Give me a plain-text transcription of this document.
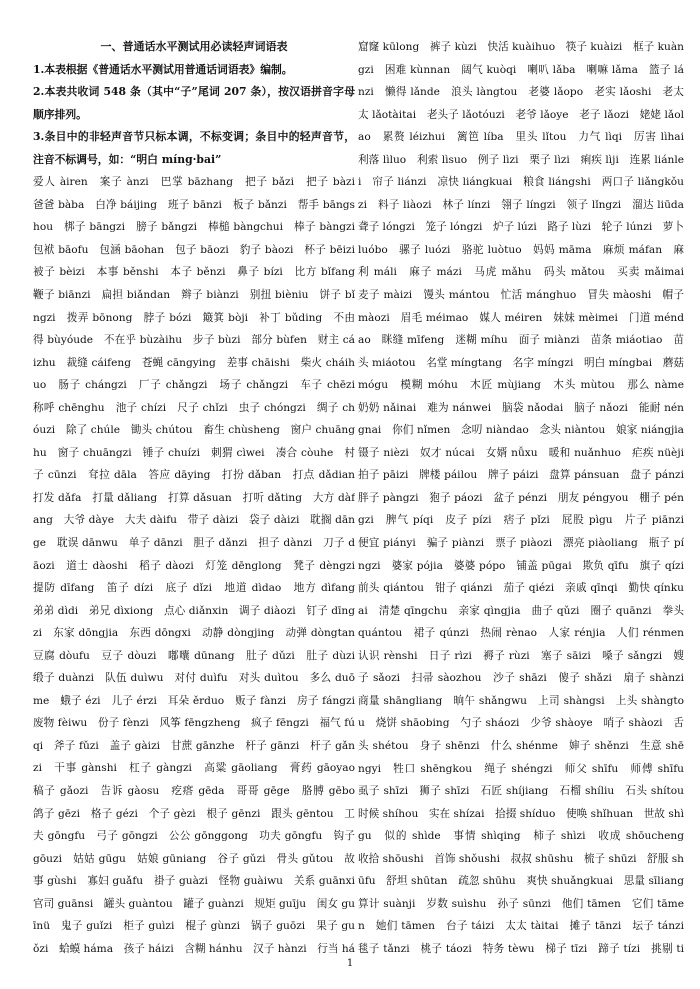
一、普通话水平测试用必读轻声词语表

1.本表根据《普通话水平测试用普通话词语表》编制。

2.本表共收词 548 条（其中“子”尾词 207 条），按汉语拼音字母顺序排列。

3.条目中的非轻声音节只标本调，不标变调；条目中的轻声音节，注音不标调号，如：“明白 míng·bai”

爱人 àiren　案子 ànzi　巴掌 bāzhang　把子 bǎzi　把子 bàzi　爸爸 bàba　白净 báijing　班子 bānzi　板子 bǎnzi　帮手 bāngshou　梆子 bāngzi　膀子 bǎngzi　棒槌 bàngchui　棒子 bàngzi　包袱 bāofu　包涵 bāohan　包子 bāozi　豹子 bàozi　杯子 bēizi　被子 bèizi　本事 běnshi　本子 běnzi　鼻子 bízi　比方 bǐfang　鞭子 biānzi　扁担 biǎndan　辫子 biànzi　别扭 bièniu　饼子 bǐngzi　拨弄 bōnong　脖子 bózi　簸箕 bòji　补丁 bǔding　不由得 bùyóude　不在乎 bùzàihu　步子 bùzi　部分 bùfen　财主 cáizhu　裁缝 cáifeng　苍蝇 cāngying　差事 chāishi　柴火 cháihuo　肠子 chángzi　厂子 chǎngzi　场子 chǎngzi　车子 chēzi　称呼 chēnghu　池子 chízi　尺子 chǐzi　虫子 chóngzi　绸子 chóuzi　除了 chúle　锄头 chútou　畜生 chùsheng　窗户 chuānghu　窗子 chuāngzi　锤子 chuízi　刺猬 cìwei　凑合 còuhe　村子 cūnzi　耷拉 dāla　答应 dāying　打扮 dǎban　打点 dǎdian　打发 dǎfa　打量 dǎliang　打算 dǎsuan　打听 dǎting　大方 dàfang　大爷 dàye　大夫 dàifu　带子 dàizi　袋子 dàizi　耽搁 dānge　耽误 dānwu　单子 dānzi　胆子 dǎnzi　担子 dànzi　刀子 dāozi　道士 dàoshi　稻子 dàozi　灯笼 dēnglong　凳子 dèngzi　提防 dīfang　笛子 dízi　底子 dǐzi　地道 dìdao　地方 dìfang　弟弟 dìdi　弟兄 dìxiong　点心 diǎnxin　调子 diàozi　钉子 dīngzi　东家 dōngjia　东西 dōngxi　动静 dòngjing　动弹 dòngtan　豆腐 dòufu　豆子 dòuzi　嘟囔 dūnang　肚子 dǔzi　肚子 dùzi　缎子 duànzi　队伍 duìwu　对付 duìfu　对头 duìtou　多么 duōme　蛾子 ézi　儿子 érzi　耳朵 ěrduo　贩子 fànzi　房子 fángzi　废物 fèiwu　份子 fènzi　风筝 fēngzheng　疯子 fēngzi　福气 fúqi　斧子 fǔzi　盖子 gàizi　甘蔗 gānzhe　杆子 gānzi　杆子 gǎnzi　干事 gànshi　杠子 gàngzi　高粱 gāoliang　膏药 gāoyao　稿子 gǎozi　告诉 gàosu　疙瘩 gēda　哥哥 gēge　胳膊 gēbo　鸽子 gēzi　格子 gézi　个子 gèzi　根子 gēnzi　跟头 gēntou　工夫 gōngfu　弓子 gōngzi　公公 gōnggong　功夫 gōngfu　钩子 gōuzi　姑姑 gūgu　姑娘 gūniang　谷子 gǔzi　骨头 gǔtou　故事 gùshi　寡妇 guǎfu　褂子 guàzi　怪物 guàiwu　关系 guānxi　官司 guānsi　罐头 guàntou　罐子 guànzi　规矩 guīju　闺女 guīnü　鬼子 guǐzi　柜子 guìzi　棍子 gùnzi　锅子 guōzi　果子 guǒzi　蛤蟆 háma　孩子 háizi　含糊 hánhu　汉子 hànzi　行当 há　 　 　 　 　 　 　 　 　 　 　 　 　 　 　 　 　 　 　 　 　 　 　 　 　 　 　 　 　 　 　 　 　 　 　 　 　 　 　 　 　 　 　 　 　 　 　 　 　 　 　 　 　 　 　
窟窿 kūlong　裤子 kùzi　快活 kuàihuo　筷子 kuàizi　框子 kuàngzi　困难 kùnnan　阔气 kuòqi　喇叭 lǎba　喇嘛 lǎma　篮子 lánzi　懒得 lǎnde　浪头 làngtou　老婆 lǎopo　老实 lǎoshi　老太太 lǎotàitai　老头子 lǎotóuzi　老爷 lǎoye　老子 lǎozi　姥姥 lǎolao　累赘 léizhui　篱笆 líba　里头 lǐtou　力气 lìqi　厉害 lìhai　利落 lìluo　利索 lìsuo　例子 lìzi　栗子 lìzi　痢疾 lìji　连累 liánlei　帘子 liánzi　凉快 liángkuai　粮食 liángshi　两口子 liǎngkǒuzi　料子 liàozi　林子 línzi　翎子 língzi　领子 lǐngzi　溜达 liūda　聋子 lóngzi　笼子 lóngzi　炉子 lúzi　路子 lùzi　轮子 lúnzi　萝卜 luóbo　骡子 luózi　骆驼 luòtuo　妈妈 māma　麻烦 máfan　麻利 máli　麻子 mázi　马虎 mǎhu　码头 mǎtou　买卖 mǎimai　麦子 màizi　馒头 mántou　忙活 mánghuo　冒失 màoshi　帽子 màozi　眉毛 méimao　媒人 méiren　妹妹 mèimei　门道 méndao　眯缝 mīfeng　迷糊 míhu　面子 miànzi　苗条 miáotiao　苗头 miáotou　名堂 míngtang　名字 míngzi　明白 míngbai　蘑菇 mógu　模糊 móhu　木匠 mùjiang　木头 mùtou　那么 nàme　奶奶 nǎinai　难为 nánwei　脑袋 nǎodai　脑子 nǎozi　能耐 néngnai　你们 nǐmen　念叨 niàndao　念头 niàntou　娘家 niángjia　镊子 nièzi　奴才 núcai　女婿 nǚxu　暖和 nuǎnhuo　疟疾 nüèji　拍子 pāizi　牌楼 páilou　牌子 páizi　盘算 pánsuan　盘子 pánzi　胖子 pàngzi　狍子 páozi　盆子 pénzi　朋友 péngyou　棚子 péngzi　脾气 píqi　皮子 pízi　痞子 pǐzi　屁股 pìgu　片子 piānzi　便宜 piányi　骗子 piànzi　票子 piàozi　漂亮 piàoliang　瓶子 píngzi　婆家 pójia　婆婆 pópo　铺盖 pūgai　欺负 qīfu　旗子 qízi　前头 qiántou　钳子 qiánzi　茄子 qiézi　亲戚 qīnqi　勤快 qínkuai　清楚 qīngchu　亲家 qìngjia　曲子 qǔzi　圈子 quānzi　拳头 quántou　裙子 qúnzi　热闹 rènao　人家 rénjia　人们 rénmen　认识 rènshi　日子 rìzi　褥子 rùzi　塞子 sāizi　嗓子 sǎngzi　嫂子 sǎozi　扫帚 sàozhou　沙子 shāzi　傻子 shǎzi　扇子 shànzi　商量 shāngliang　晌午 shǎngwu　上司 shàngsi　上头 shàngtou　烧饼 shāobing　勺子 sháozi　少爷 shàoye　哨子 shàozi　舌头 shétou　身子 shēnzi　什么 shénme　婶子 shěnzi　生意 shēngyi　牲口 shēngkou　绳子 shéngzi　师父 shīfu　师傅 shīfu　虱子 shīzi　狮子 shīzi　石匠 shíjiang　石榴 shíliu　石头 shítou　时候 shíhou　实在 shízai　拾掇 shíduo　使唤 shǐhuan　世故 shìgu　似的 shìde　事情 shìqing　柿子 shìzi　收成 shōucheng　收拾 shōushi　首饰 shǒushi　叔叔 shūshu　梳子 shūzi　舒服 shūfu　舒坦 shūtan　疏忽 shūhu　爽快 shuǎngkuai　思量 sīliang　算计 suànji　岁数 suìshu　孙子 sūnzi　他们 tāmen　它们 tāmen　她们 tāmen　台子 táizi　太太 tàitai　摊子 tānzi　坛子 tánzi　毯子 tǎnzi　桃子 táozi　特务 tèwu　梯子 tīzi　蹄子 tízi　挑剔 ti　 　 　 　 　 　 　 　 　 　 　 　 　 　 　 　 　 　 　 　 　 　 　 　 　 　 　 　 　 　 　 　 　 　 　 　 　 　 　 　 　 　 　 　 　 　 　 　
1
